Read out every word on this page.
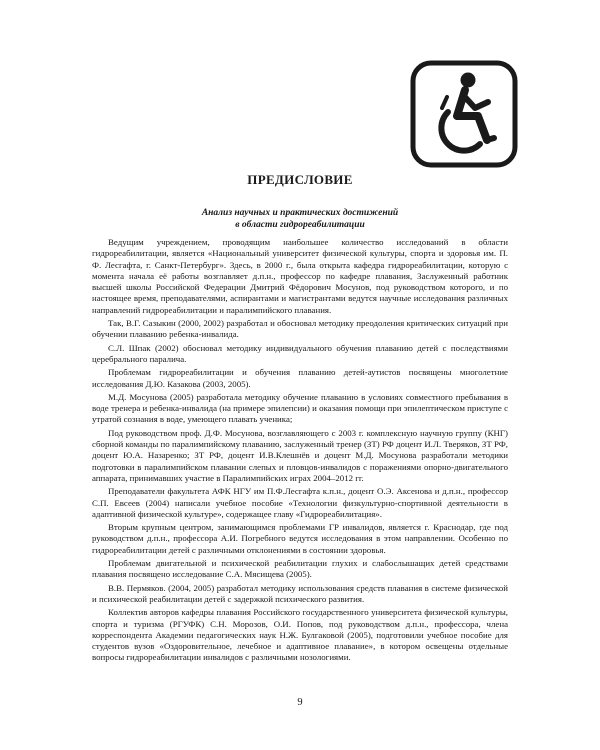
ПРЕДИСЛОВИЕ
Анализ научных и практических достижений
в области гидрореабилитации

Ведущим учреждением, проводящим наибольшее количество исследований в области гидрореабилитации, является «Национальный университет физической культуры, спорта и здоровья им. П. Ф. Лесгафта, г. Санкт-Петербург». Здесь, в 2000 г., была открыта кафедра гидрореабилитации, которую с момента начала её работы возглавляет д.п.н., профессор по кафедре плавания, Заслуженный работник высшей школы Российской Федерации Дмитрий Фёдорович Мосунов, под руководством которого, и по настоящее время, преподавателями, аспирантами и магистрантами ведутся научные исследования различных направлений гидрореабилитации и паралимпийского плавания.

Так, В.Г. Сазыкин (2000, 2002) разработал и обосновал методику преодоления критических ситуаций при обучении плаванию ребенка-инвалида.

С.Л. Шпак (2002) обосновал методику индивидуального обучения плаванию детей с последствиями церебрального паралича.

Проблемам гидрореабилитации и обучения плаванию детей-аутистов посвящены многолетние исследования Д.Ю. Казакова (2003, 2005).

М.Д. Мосунова (2005) разработала методику обучение плаванию в условиях совместного пребывания в воде тренера и ребенка-инвалида (на примере эпилепсии) и оказания помощи при эпилептическом приступе с утратой сознания в воде, умеющего плавать ученика;

Под руководством проф. Д.Ф. Мосунова, возглавляющего с 2003 г. комплексную научную группу (КНГ) сборной команды по паралимпийскому плаванию, заслуженный тренер (ЗТ) РФ доцент И.Л. Тверяков, ЗТ РФ, доцент Ю.А. Назаренко; ЗТ РФ, доцент И.В.Клешнёв и доцент М.Д. Мосунова разработали методики подготовки в паралимпийском плавании слепых и пловцов-инвалидов с поражениями опорно-двигательного аппарата, принимавших участие в Паралимпийских играх 2004–2012 гг.

Преподаватели факультета АФК НГУ им П.Ф.Лесгафта к.п.н., доцент О.Э. Аксенова и д.п.н., профессор С.П. Евсеев (2004) написали учебное пособие «Технологии физкультурно-спортивной деятельности в адаптивной физической культуре», содержащее главу «Гидрореабилитация».

Вторым крупным центром, занимающимся проблемами ГР инвалидов, является г. Краснодар, где под руководством д.п.н., профессора А.И. Погребного ведутся исследования в этом направлении. Особенно по гидрореабилитации детей с различными отклонениями в состоянии здоровья.

Проблемам двигательной и психической реабилитации глухих и слабослышащих детей средствами плавания посвящено исследование С.А. Мясищева (2005).

В.В. Пермяков. (2004, 2005) разработал методику использования средств плавания в системе физической и психической реабилитации детей с задержкой психического развития.

Коллектив авторов кафедры плавания Российского государственного университета физической культуры, спорта и туризма (РГУФК) С.Н. Морозов, О.И. Попов, под руководством д.п.н., профессора, члена корреспондента Академии педагогических наук Н.Ж. Булгаковой (2005), подготовили учебное пособие для студентов вузов «Оздоровительное, лечебное и адаптивное плавание», в котором освещены отдельные вопросы гидрореабилитации инвалидов с различными нозологиями.

9
